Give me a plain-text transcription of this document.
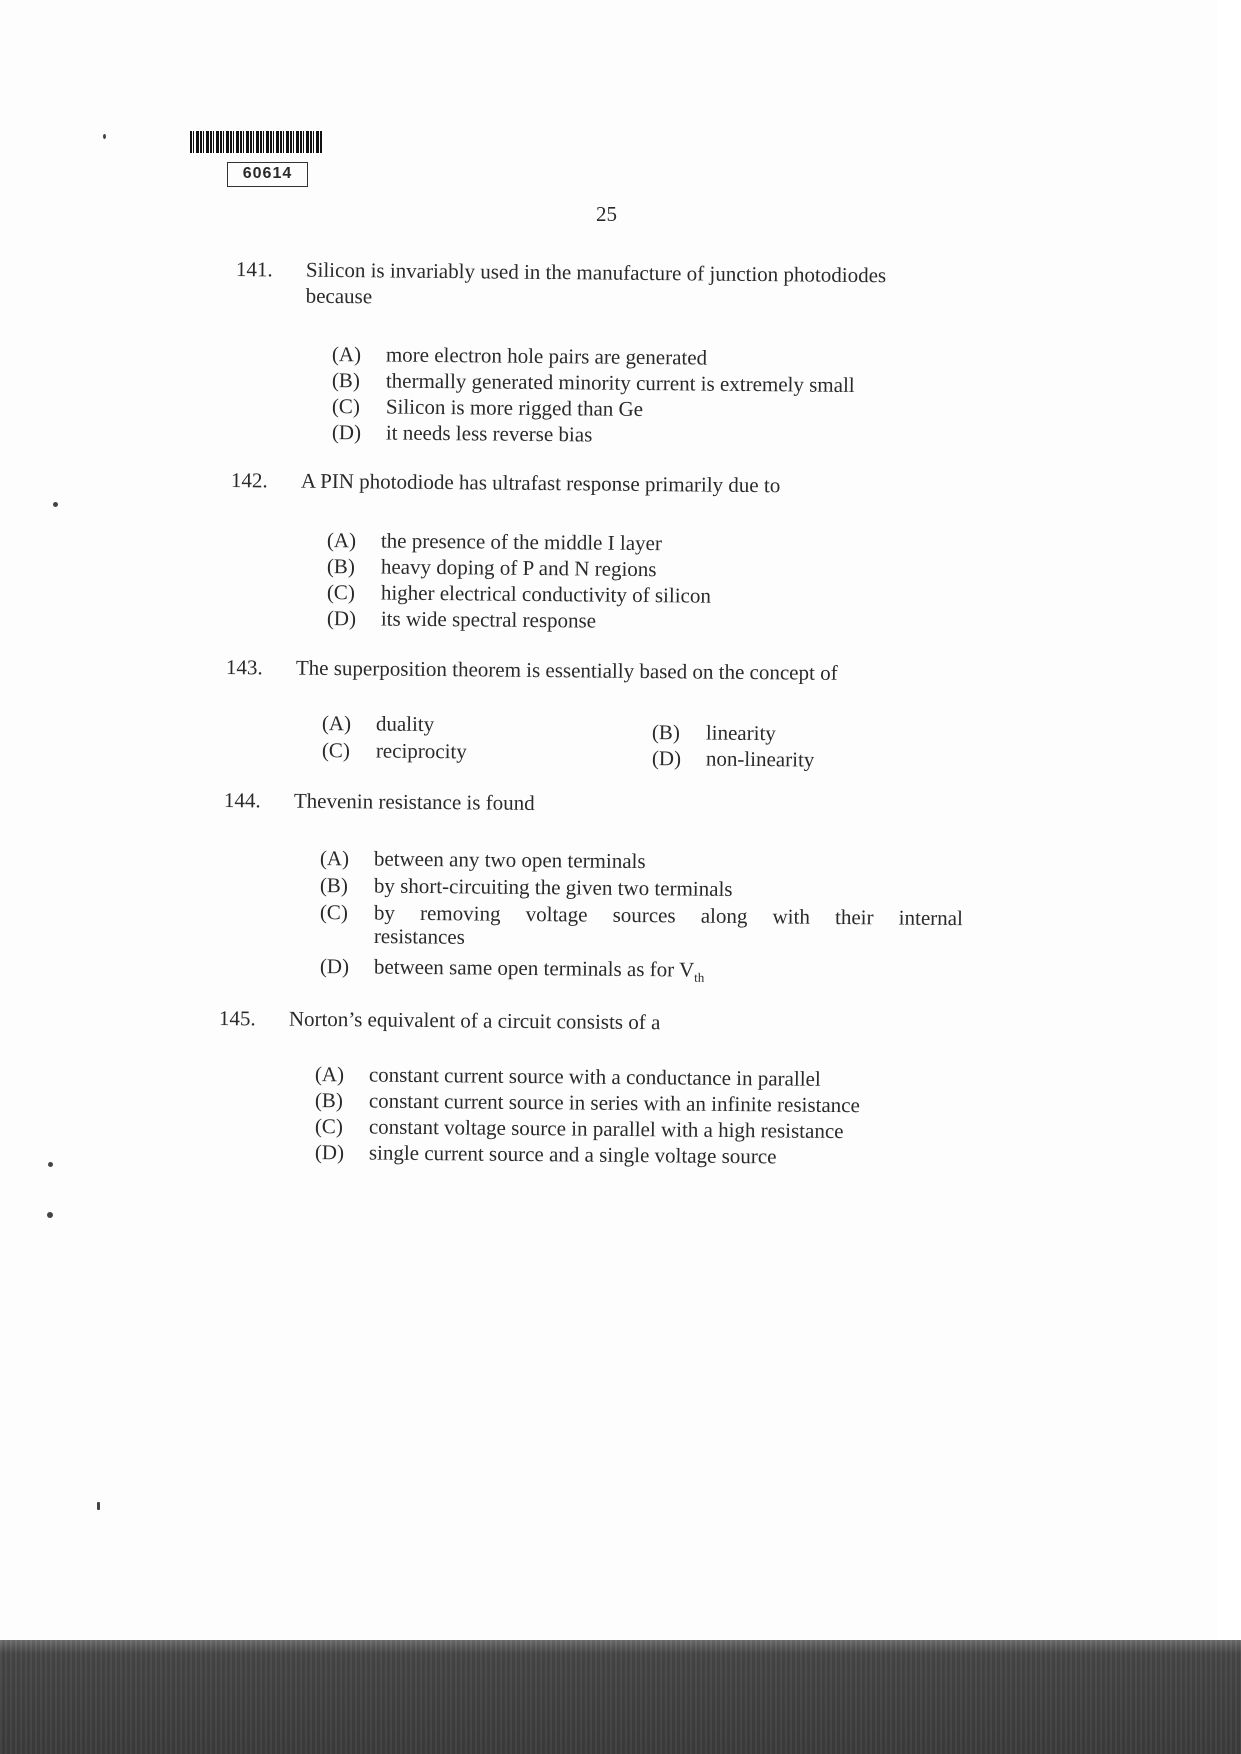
60614
25
141. Silicon is invariably used in the manufacture of junction photodiodes
because
(A) more electron hole pairs are generated
(B) thermally generated minority current is extremely small
(C) Silicon is more rigged than Ge
(D) it needs less reverse bias
142. A PIN photodiode has ultrafast response primarily due to
(A) the presence of the middle I layer
(B) heavy doping of P and N regions
(C) higher electrical conductivity of silicon
(D) its wide spectral response
143. The superposition theorem is essentially based on the concept of
(A) duality	(B) linearity
(C) reciprocity	(D) non-linearity
144. Thevenin resistance is found
(A) between any two open terminals
(B) by short-circuiting the given two terminals
(C) by removing voltage sources along with their internal
resistances
(D) between same open terminals as for $V_{th}$
145. Norton’s equivalent of a circuit consists of a
(A) constant current source with a conductance in parallel
(B) constant current source in series with an infinite resistance
(C) constant voltage source in parallel with a high resistance
(D) single current source and a single voltage source
